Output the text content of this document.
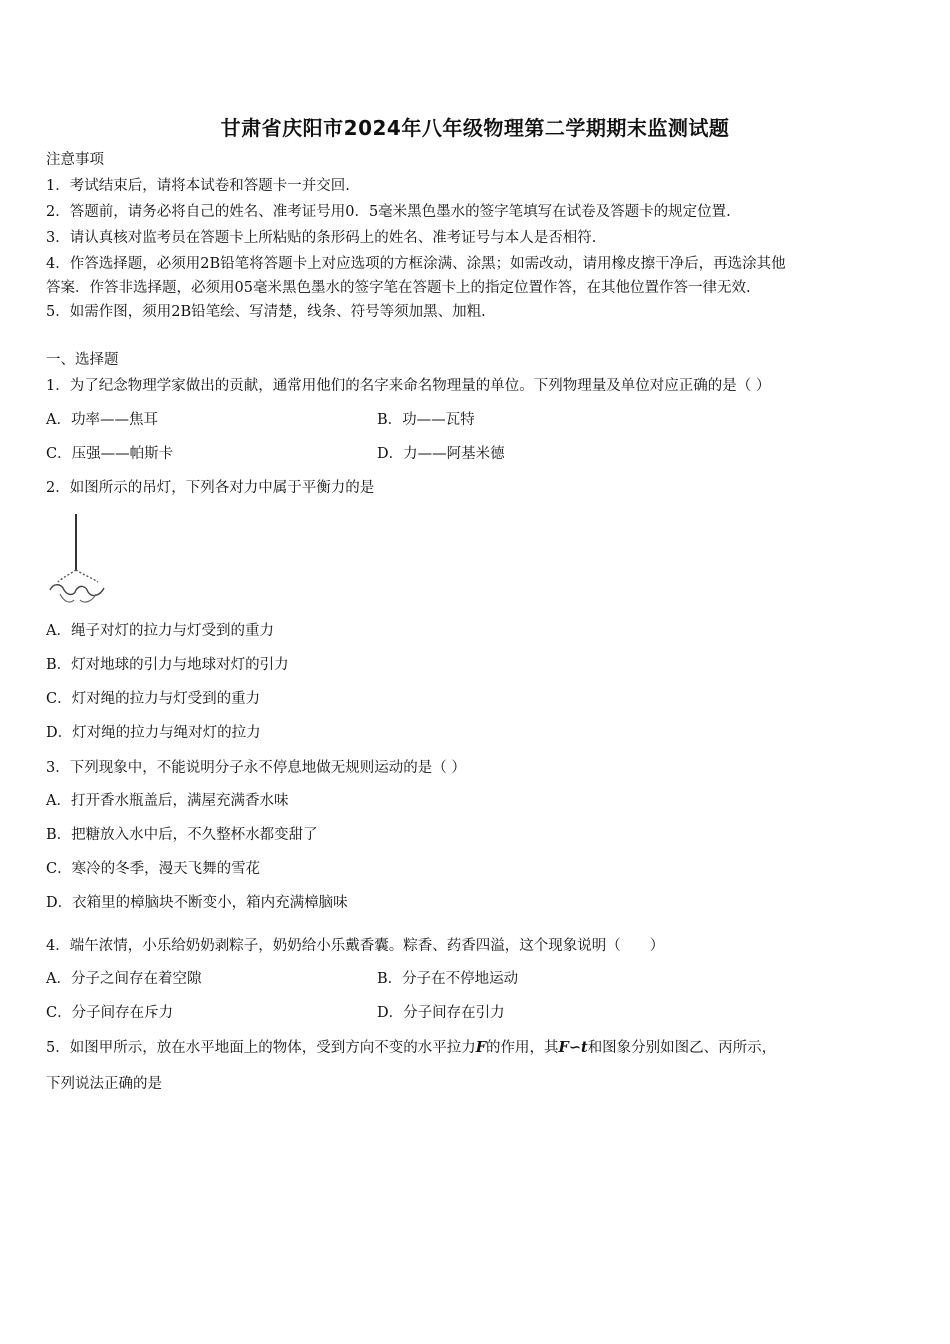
甘肃省庆阳市2024年八年级物理第二学期期末监测试题
注意事项
1．考试结束后，请将本试卷和答题卡一并交回.
2．答题前，请务必将自己的姓名、准考证号用0．5毫米黑色墨水的签字笔填写在试卷及答题卡的规定位置.
3．请认真核对监考员在答题卡上所粘贴的条形码上的姓名、准考证号与本人是否相符.
4．作答选择题，必须用2B铅笔将答题卡上对应选项的方框涂满、涂黑；如需改动，请用橡皮擦干净后，再选涂其他
答案．作答非选择题，必须用05毫米黑色墨水的签字笔在答题卡上的指定位置作答，在其他位置作答一律无效.
5．如需作图，须用2B铅笔绘、写清楚，线条、符号等须加黑、加粗.
一、选择题
1．为了纪念物理学家做出的贡献，通常用他们的名字来命名物理量的单位。下列物理量及单位对应正确的是（ ）
A．功率——焦耳	B．功——瓦特
C．压强——帕斯卡	D．力——阿基米德
2．如图所示的吊灯，下列各对力中属于平衡力的是
A．绳子对灯的拉力与灯受到的重力
B．灯对地球的引力与地球对灯的引力
C．灯对绳的拉力与灯受到的重力
D．灯对绳的拉力与绳对灯的拉力
3．下列现象中，不能说明分子永不停息地做无规则运动的是（ ）
A．打开香水瓶盖后，满屋充满香水味
B．把糖放入水中后，不久整杯水都变甜了
C．寒冷的冬季，漫天飞舞的雪花
D．衣箱里的樟脑块不断变小，箱内充满樟脑味
4．端午浓情，小乐给奶奶剥粽子，奶奶给小乐戴香囊。粽香、药香四溢，这个现象说明（　　）
A．分子之间存在着空隙	B．分子在不停地运动
C．分子间存在斥力	D．分子间存在引力
5．如图甲所示，放在水平地面上的物体，受到方向不变的水平拉力F的作用，其F∽t和图象分别如图乙、丙所示，
下列说法正确的是
